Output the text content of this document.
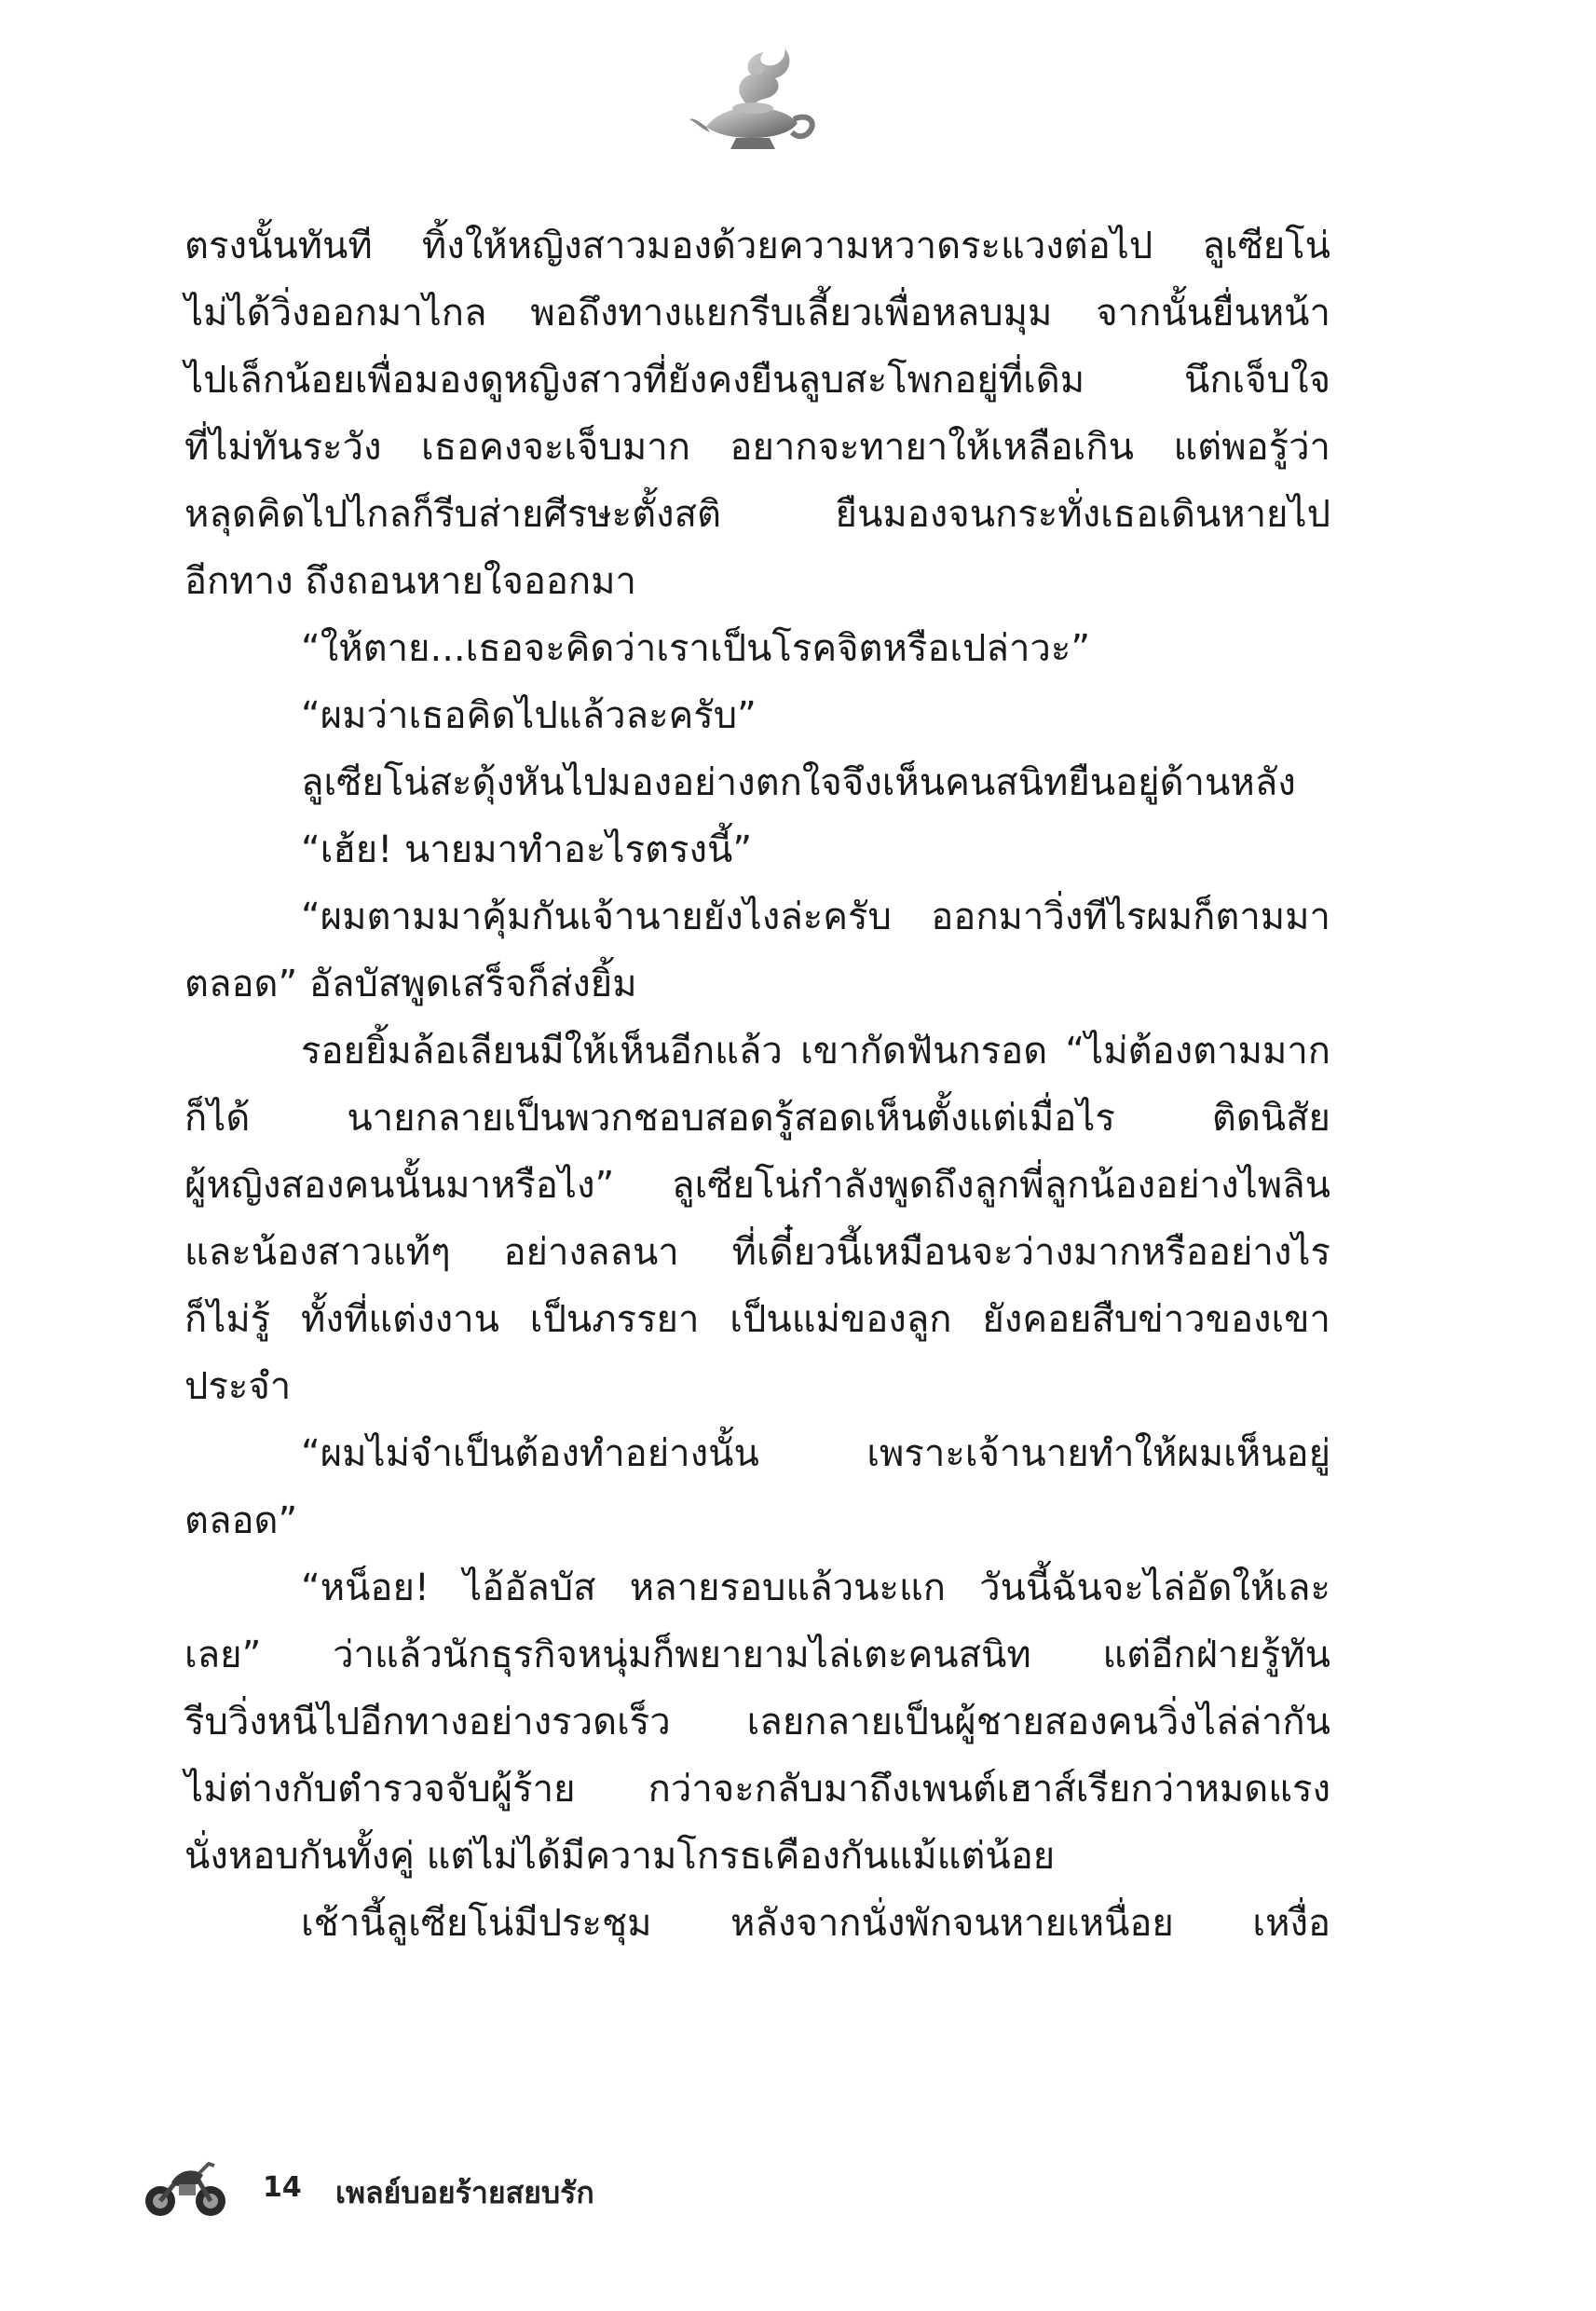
ตรงนั้นทันที ทิ้งให้หญิงสาวมองด้วยความหวาดระแวงต่อไป ลูเซียโน่
ไม่ได้วิ่งออกมาไกล พอถึงทางแยกรีบเลี้ยวเพื่อหลบมุม จากนั้นยื่นหน้า
ไปเล็กน้อยเพื่อมองดูหญิงสาวที่ยังคงยืนลูบสะโพกอยู่ที่เดิม นึกเจ็บใจ
ที่ไม่ทันระวัง เธอคงจะเจ็บมาก อยากจะทายาให้เหลือเกิน แต่พอรู้ว่า
หลุดคิดไปไกลก็รีบส่ายศีรษะตั้งสติ ยืนมองจนกระทั่งเธอเดินหายไป
อีกทาง ถึงถอนหายใจออกมา
“ให้ตาย...เธอจะคิดว่าเราเป็นโรคจิตหรือเปล่าวะ”
“ผมว่าเธอคิดไปแล้วละครับ”
ลูเซียโน่สะดุ้งหันไปมองอย่างตกใจจึงเห็นคนสนิทยืนอยู่ด้านหลัง
“เฮ้ย! นายมาทำอะไรตรงนี้”
“ผมตามมาคุ้มกันเจ้านายยังไงล่ะครับ ออกมาวิ่งทีไรผมก็ตามมา
ตลอด” อัลบัสพูดเสร็จก็ส่งยิ้ม
รอยยิ้มล้อเลียนมีให้เห็นอีกแล้ว เขากัดฟันกรอด “ไม่ต้องตามมาก
ก็ได้ นายกลายเป็นพวกชอบสอดรู้สอดเห็นตั้งแต่เมื่อไร ติดนิสัย
ผู้หญิงสองคนนั้นมาหรือไง” ลูเซียโน่กำลังพูดถึงลูกพี่ลูกน้องอย่างไพลิน
และน้องสาวแท้ๆ อย่างลลนา ที่เดี๋ยวนี้เหมือนจะว่างมากหรืออย่างไร
ก็ไม่รู้ ทั้งที่แต่งงาน เป็นภรรยา เป็นแม่ของลูก ยังคอยสืบข่าวของเขา
ประจำ
“ผมไม่จำเป็นต้องทำอย่างนั้น เพราะเจ้านายทำให้ผมเห็นอยู่
ตลอด”
“หน็อย! ไอ้อัลบัส หลายรอบแล้วนะแก วันนี้ฉันจะไล่อัดให้เละ
เลย” ว่าแล้วนักธุรกิจหนุ่มก็พยายามไล่เตะคนสนิท แต่อีกฝ่ายรู้ทัน
รีบวิ่งหนีไปอีกทางอย่างรวดเร็ว เลยกลายเป็นผู้ชายสองคนวิ่งไล่ล่ากัน
ไม่ต่างกับตำรวจจับผู้ร้าย กว่าจะกลับมาถึงเพนต์เฮาส์เรียกว่าหมดแรง
นั่งหอบกันทั้งคู่ แต่ไม่ได้มีความโกรธเคืองกันแม้แต่น้อย
เช้านี้ลูเซียโน่มีประชุม หลังจากนั่งพักจนหายเหนื่อย เหงื่อ
14 เพลย์บอยร้ายสยบรัก
